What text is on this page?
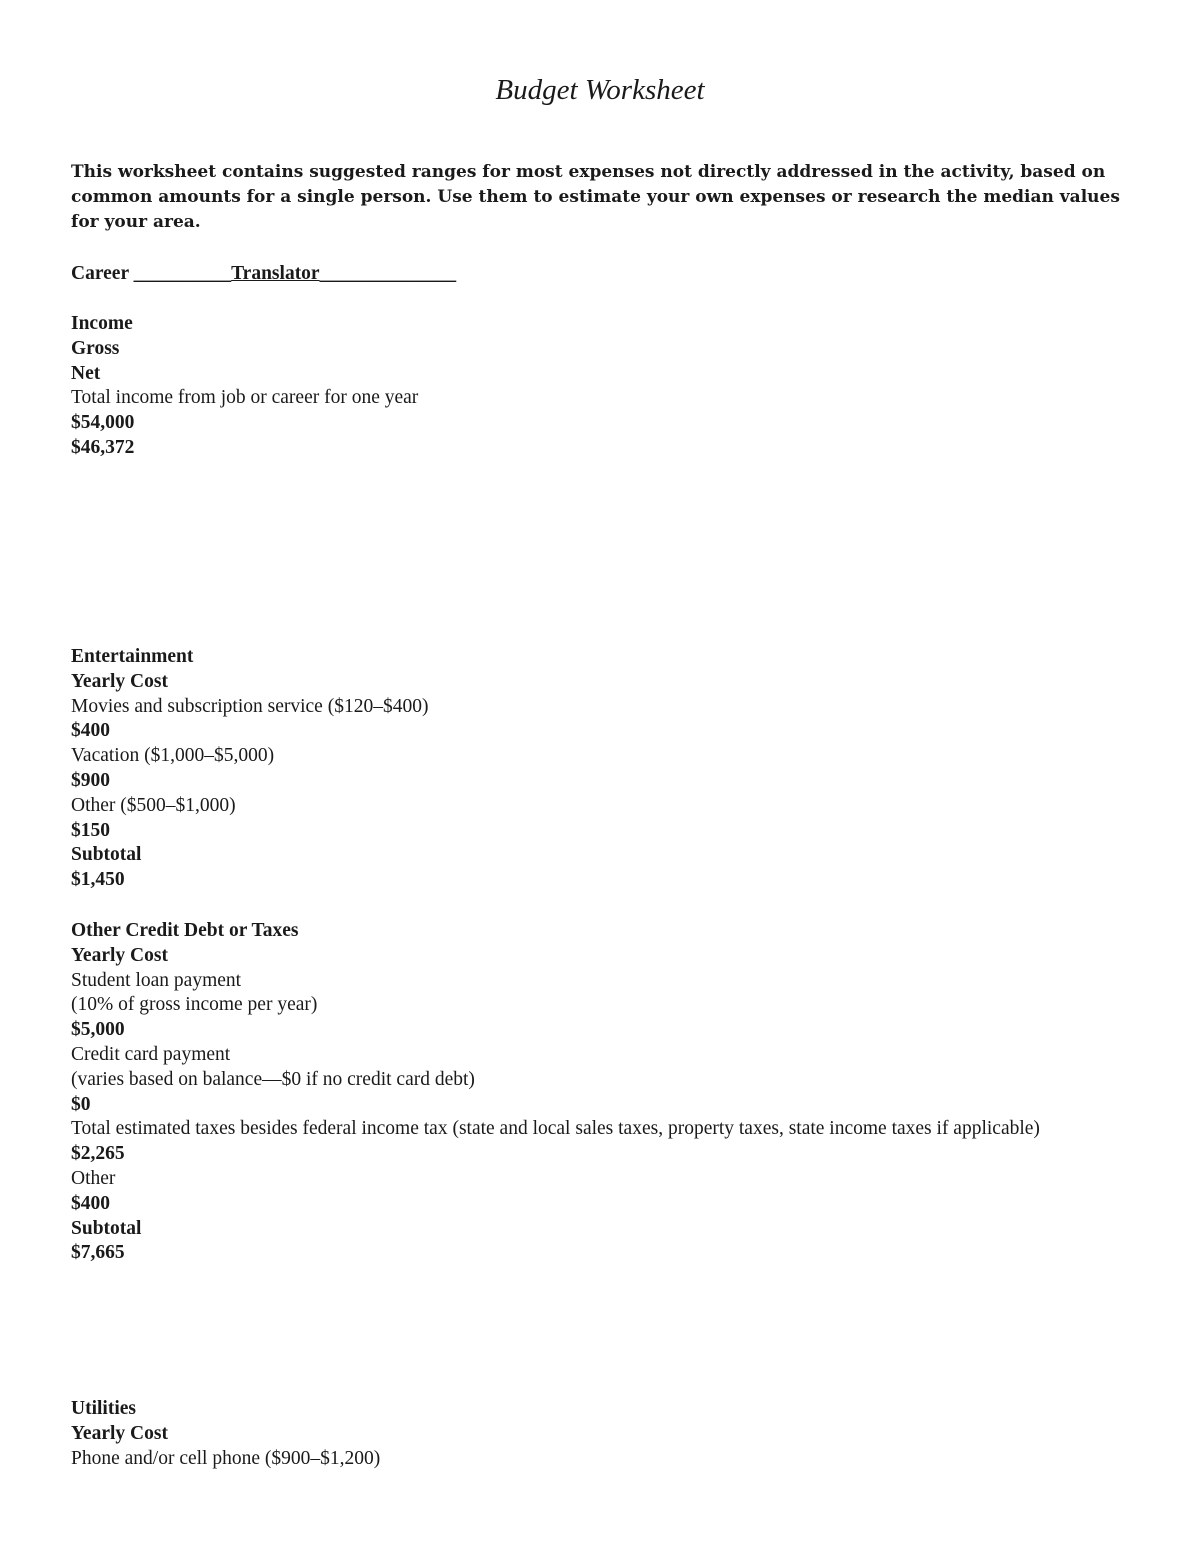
Budget Worksheet

This worksheet contains suggested ranges for most expenses not directly addressed in the activity, based on common amounts for a single person. Use them to estimate your own expenses or research the median values for your area.

Career __________Translator______________
Income
Gross
Net
Total income from job or career for one year
$54,000
$46,372
Entertainment
Yearly Cost
Movies and subscription service ($120–$400)
$400
Vacation ($1,000–$5,000)
$900
Other ($500–$1,000)
$150
Subtotal
$1,450
Other Credit Debt or Taxes
Yearly Cost
Student loan payment
(10% of gross income per year)
$5,000
Credit card payment
(varies based on balance—$0 if no credit card debt)
$0
Total estimated taxes besides federal income tax (state and local sales taxes, property taxes, state income taxes if applicable)
$2,265
Other
$400
Subtotal
$7,665
Utilities
Yearly Cost
Phone and/or cell phone ($900–$1,200)
